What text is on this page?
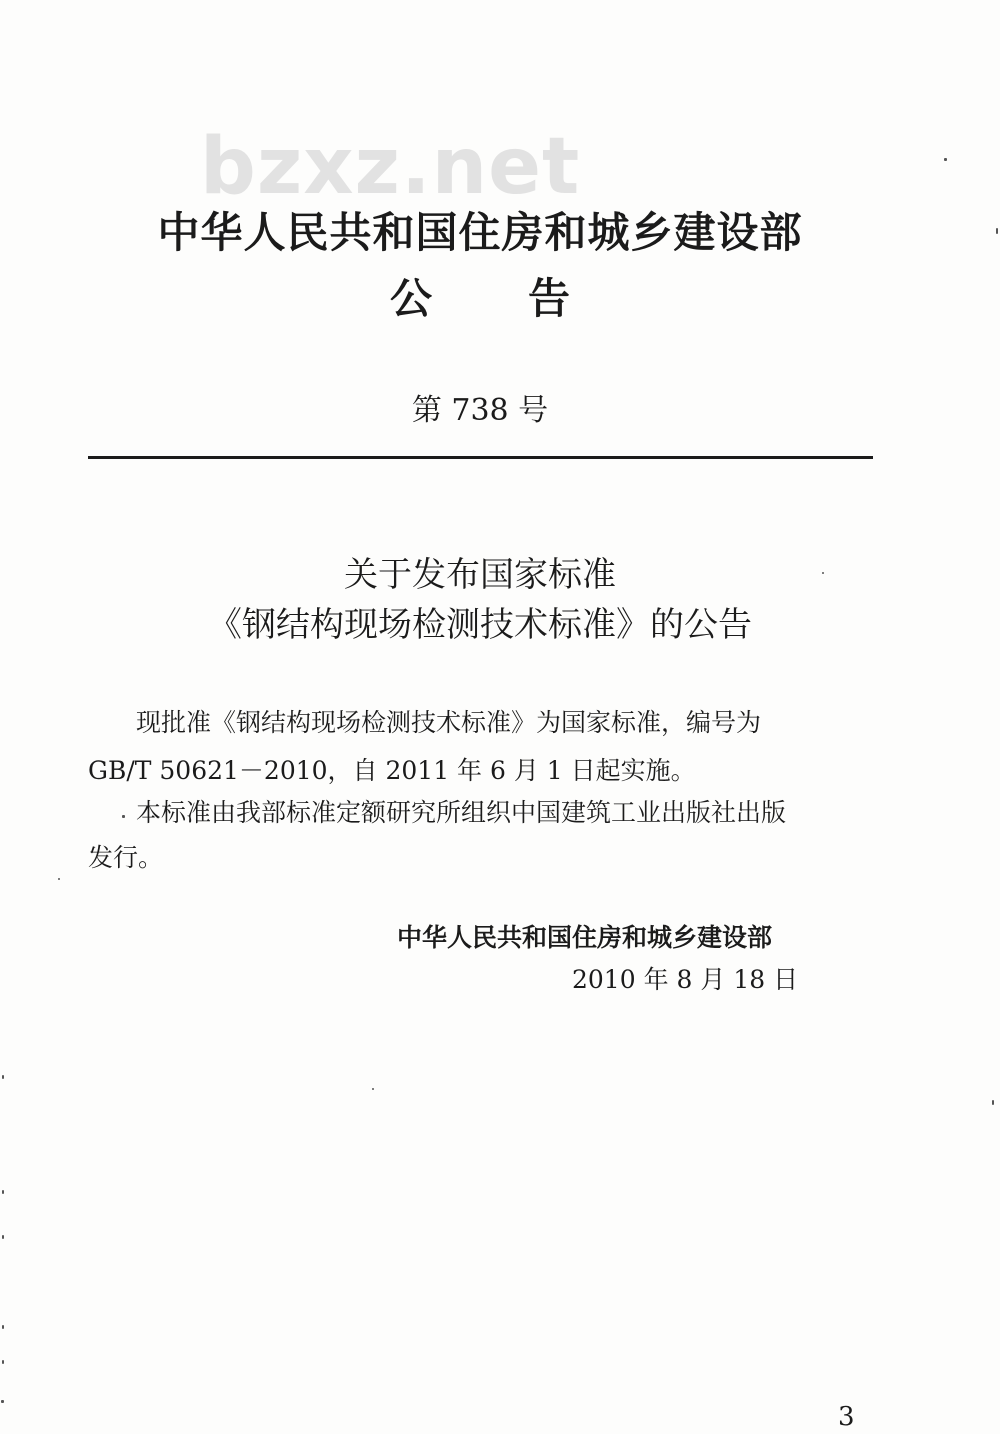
bzxz.net
中华人民共和国住房和城乡建设部
公 告
第 738 号
关于发布国家标准
《钢结构现场检测技术标准》的公告
现批准《钢结构现场检测技术标准》为国家标准，编号为
GB/T 50621－2010，自 2011 年 6 月 1 日起实施。
本标准由我部标准定额研究所组织中国建筑工业出版社出版
发行。
中华人民共和国住房和城乡建设部
2010 年 8 月 18 日
3
